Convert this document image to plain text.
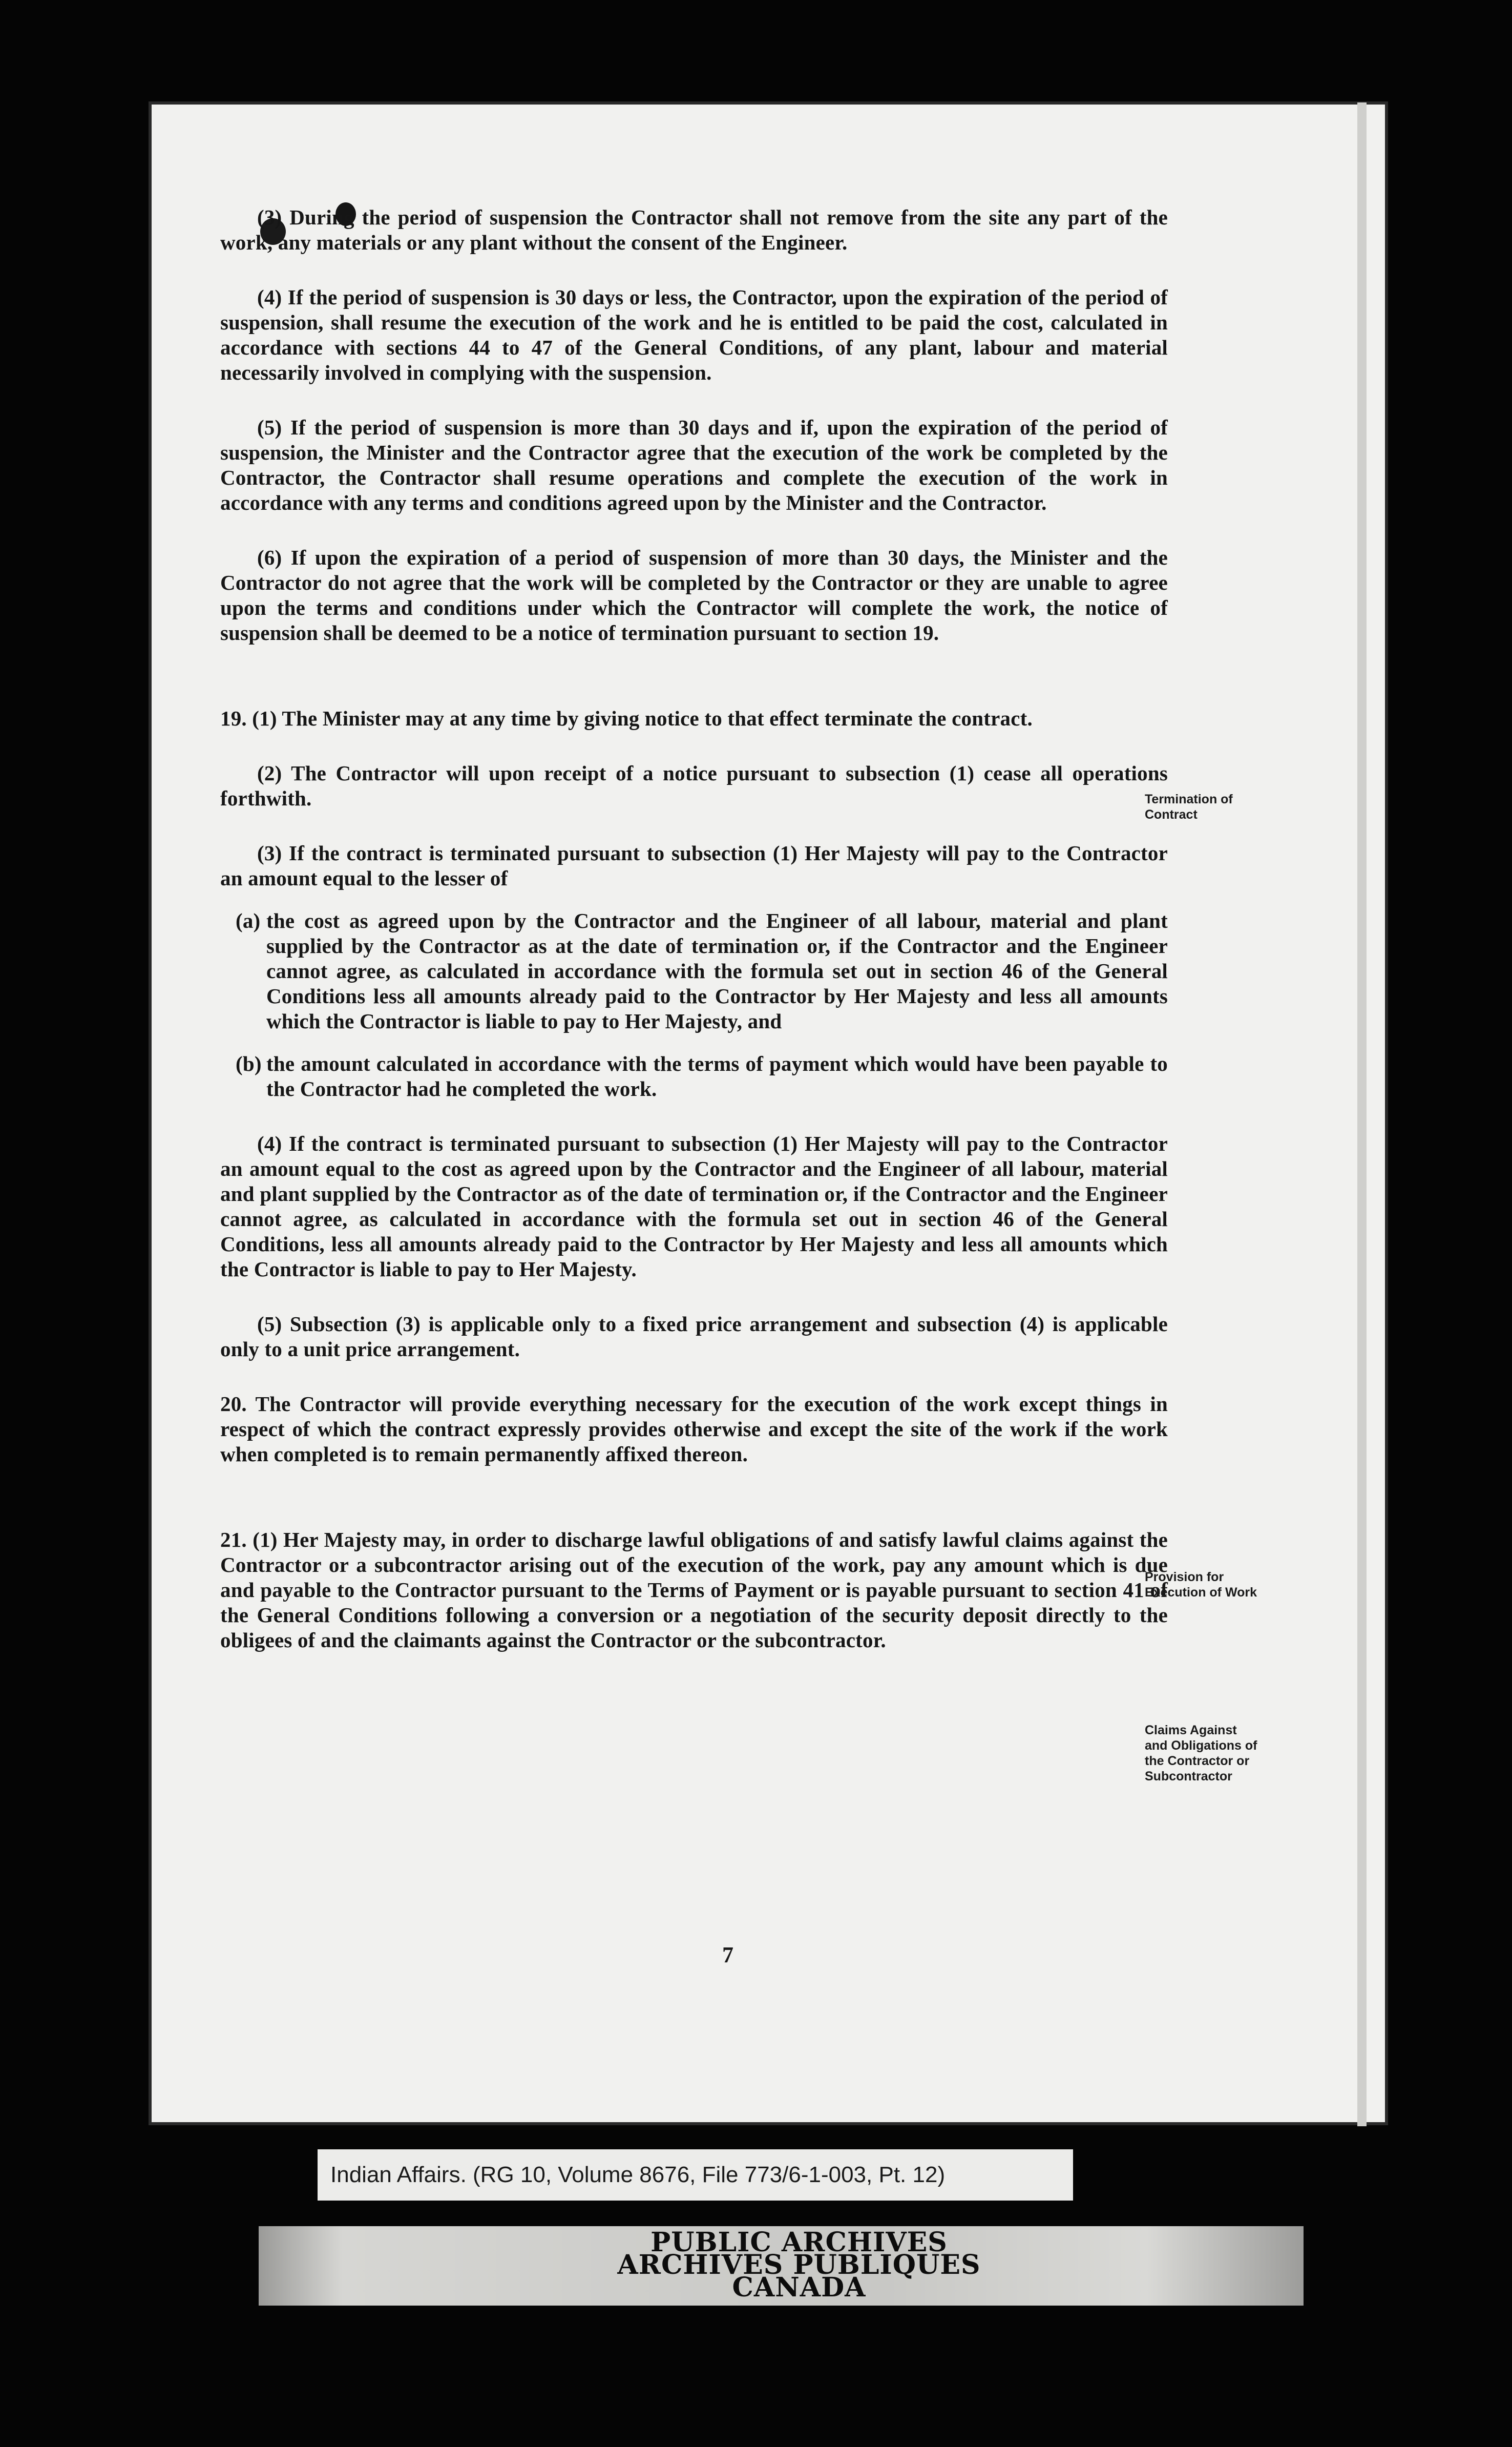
(3) During the period of suspension the Contractor shall not remove from the site any part of the work, any materials or any plant without the consent of the Engineer.

(4) If the period of suspension is 30 days or less, the Contractor, upon the expiration of the period of suspension, shall resume the execution of the work and he is entitled to be paid the cost, calculated in accordance with sections 44 to 47 of the General Conditions, of any plant, labour and material necessarily involved in complying with the suspension.

(5) If the period of suspension is more than 30 days and if, upon the expiration of the period of suspension, the Minister and the Contractor agree that the execution of the work be completed by the Contractor, the Contractor shall resume operations and complete the execution of the work in accordance with any terms and conditions agreed upon by the Minister and the Contractor.

(6) If upon the expiration of a period of suspension of more than 30 days, the Minister and the Contractor do not agree that the work will be completed by the Contractor or they are unable to agree upon the terms and conditions under which the Contractor will complete the work, the notice of suspension shall be deemed to be a notice of termination pursuant to section 19.

19. (1) The Minister may at any time by giving notice to that effect terminate the contract.

(2) The Contractor will upon receipt of a notice pursuant to subsection (1) cease all operations forthwith.

(3) If the contract is terminated pursuant to subsection (1) Her Majesty will pay to the Contractor an amount equal to the lesser of

(a) the cost as agreed upon by the Contractor and the Engineer of all labour, material and plant supplied by the Contractor as at the date of termination or, if the Contractor and the Engineer cannot agree, as calculated in accordance with the formula set out in section 46 of the General Conditions less all amounts already paid to the Contractor by Her Majesty and less all amounts which the Contractor is liable to pay to Her Majesty, and
(b) the amount calculated in accordance with the terms of payment which would have been payable to the Contractor had he completed the work.

(4) If the contract is terminated pursuant to subsection (1) Her Majesty will pay to the Contractor an amount equal to the cost as agreed upon by the Contractor and the Engineer of all labour, material and plant supplied by the Contractor as of the date of termination or, if the Contractor and the Engineer cannot agree, as calculated in accordance with the formula set out in section 46 of the General Conditions, less all amounts already paid to the Contractor by Her Majesty and less all amounts which the Contractor is liable to pay to Her Majesty.

(5) Subsection (3) is applicable only to a fixed price arrangement and subsection (4) is applicable only to a unit price arrangement.

20. The Contractor will provide everything necessary for the execution of the work except things in respect of which the contract expressly provides otherwise and except the site of the work if the work when completed is to remain permanently affixed thereon.

21. (1) Her Majesty may, in order to discharge lawful obligations of and satisfy lawful claims against the Contractor or a subcontractor arising out of the execution of the work, pay any amount which is due and payable to the Contractor pursuant to the Terms of Payment or is payable pursuant to section 41 of the General Conditions following a conversion or a negotiation of the security deposit directly to the obligees of and the claimants against the Contractor or the subcontractor.

Termination of Contract
Provision for Execution of Work
Claims Against and Obligations of the Contractor or Subcontractor
7
Indian Affairs. (RG 10, Volume 8676, File 773/6-1-003, Pt. 12)
PUBLIC ARCHIVES
ARCHIVES PUBLIQUES
CANADA
